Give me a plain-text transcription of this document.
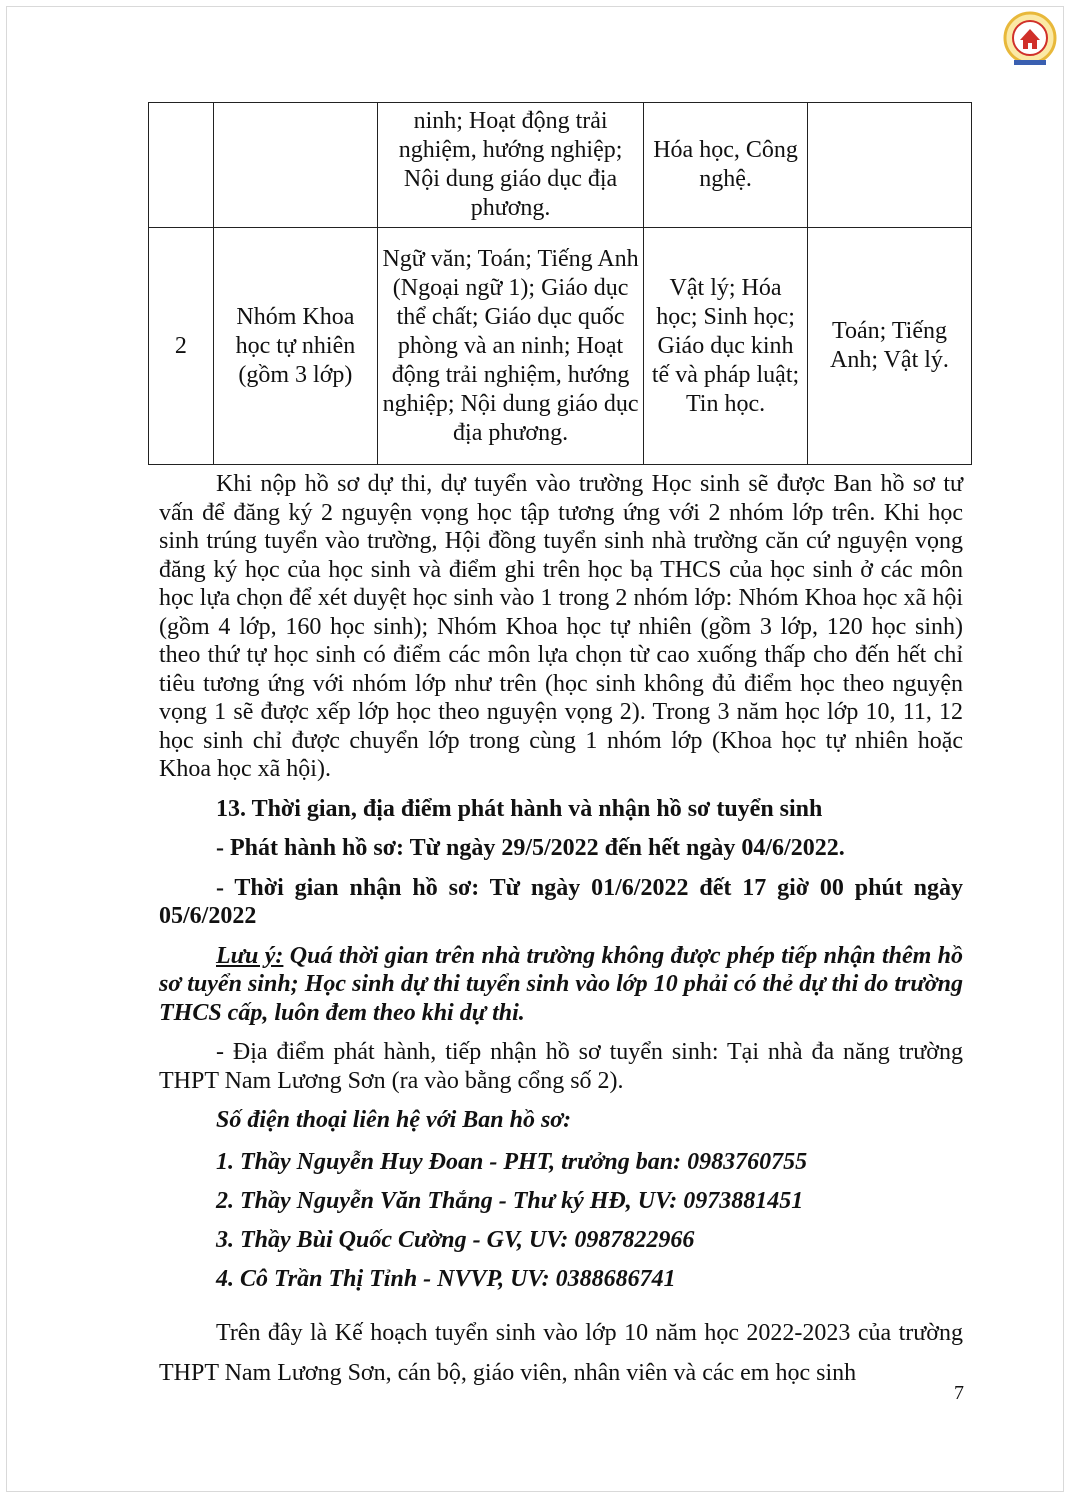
		ninh; Hoạt động trải nghiệm, hướng nghiệp; Nội dung giáo dục địa phương.	Hóa học, Công nghệ.	
2	Nhóm Khoa học tự nhiên (gồm 3 lớp)	Ngữ văn; Toán; Tiếng Anh (Ngoại ngữ 1); Giáo dục thể chất; Giáo dục quốc phòng và an ninh; Hoạt động trải nghiệm, hướng nghiệp; Nội dung giáo dục địa phương.	Vật lý; Hóa học; Sinh học; Giáo dục kinh tế và pháp luật; Tin học.	Toán; Tiếng Anh; Vật lý.

Khi nộp hồ sơ dự thi, dự tuyển vào trường Học sinh sẽ được Ban hồ sơ tư vấn để đăng ký 2 nguyện vọng học tập tương ứng với 2 nhóm lớp trên. Khi học sinh trúng tuyển vào trường, Hội đồng tuyển sinh nhà trường căn cứ nguyện vọng đăng ký học của học sinh và điểm ghi trên học bạ THCS của học sinh ở các môn học lựa chọn để xét duyệt học sinh vào 1 trong 2 nhóm lớp: Nhóm Khoa học xã hội (gồm 4 lớp, 160 học sinh); Nhóm Khoa học tự nhiên (gồm 3 lớp, 120 học sinh) theo thứ tự học sinh có điểm các môn lựa chọn từ cao xuống thấp cho đến hết chỉ tiêu tương ứng với nhóm lớp như trên (học sinh không đủ điểm học theo nguyện vọng 1 sẽ được xếp lớp học theo nguyện vọng 2). Trong 3 năm học lớp 10, 11, 12 học sinh chỉ được chuyển lớp trong cùng 1 nhóm lớp (Khoa học tự nhiên hoặc Khoa học xã hội).

13. Thời gian, địa điểm phát hành và nhận hồ sơ tuyển sinh

- Phát hành hồ sơ: Từ ngày 29/5/2022 đến hết ngày 04/6/2022.

- Thời gian nhận hồ sơ: Từ ngày 01/6/2022 đết 17 giờ 00 phút ngày 05/6/2022

Lưu ý: Quá thời gian trên nhà trường không được phép tiếp nhận thêm hồ sơ tuyển sinh; Học sinh dự thi tuyển sinh vào lớp 10 phải có thẻ dự thi do trường THCS cấp, luôn đem theo khi dự thi.

- Địa điểm phát hành, tiếp nhận hồ sơ tuyển sinh: Tại nhà đa năng trường THPT Nam Lương Sơn (ra vào bằng cổng số 2).

Số điện thoại liên hệ với Ban hồ sơ:

1. Thầy Nguyễn Huy Đoan - PHT, trưởng ban: 0983760755

2. Thầy Nguyễn Văn Thắng - Thư ký HĐ, UV: 0973881451

3. Thầy Bùi Quốc Cường - GV, UV: 0987822966

4. Cô Trần Thị Tỉnh - NVVP, UV: 0388686741

Trên đây là Kế hoạch tuyển sinh vào lớp 10 năm học 2022-2023 của trường THPT Nam Lương Sơn, cán bộ, giáo viên, nhân viên và các em học sinh

7
